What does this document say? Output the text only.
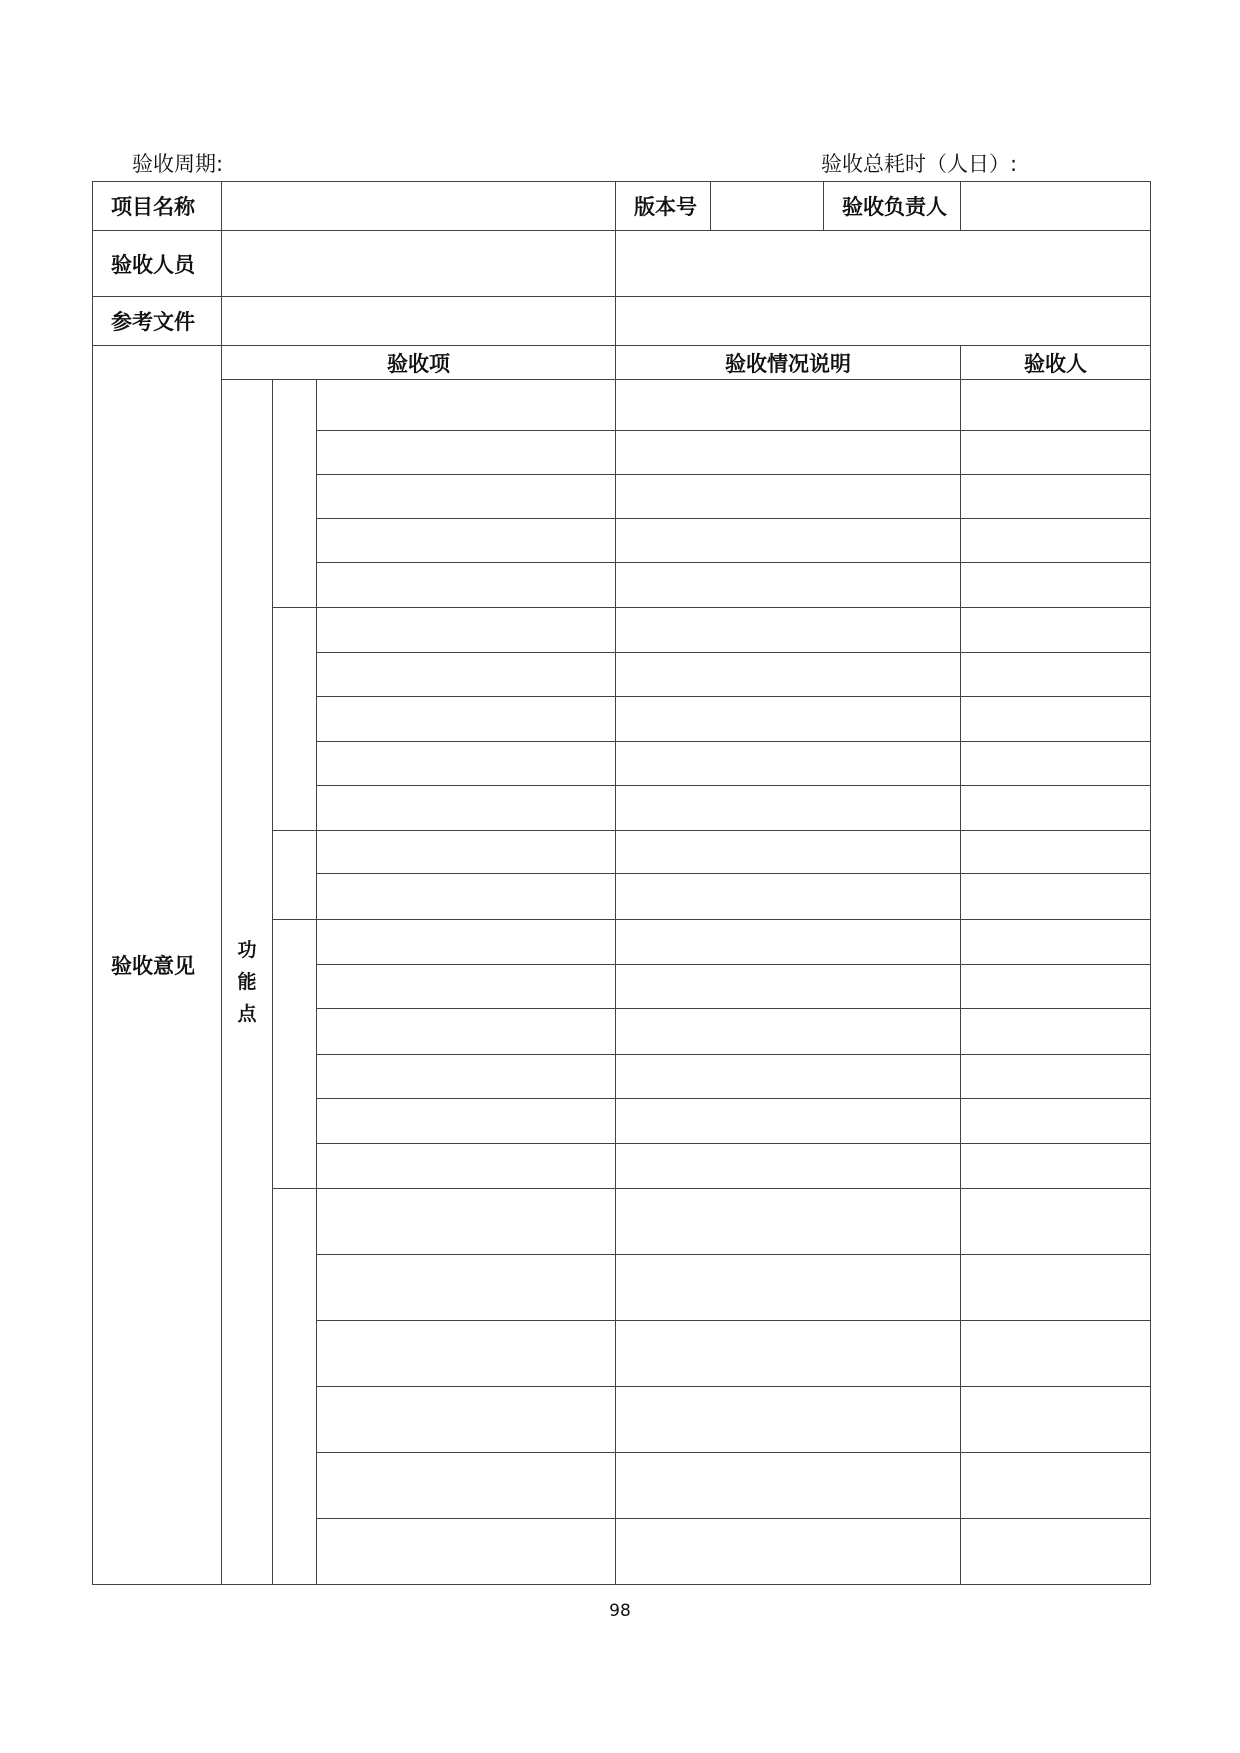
验收周期:	验收总耗时（人日）:
项目名称				版本号		验收负责人	
验收人员							
参考文件							
验收意见	验收项			验收情况说明			验收人

	功
能
点						

98
